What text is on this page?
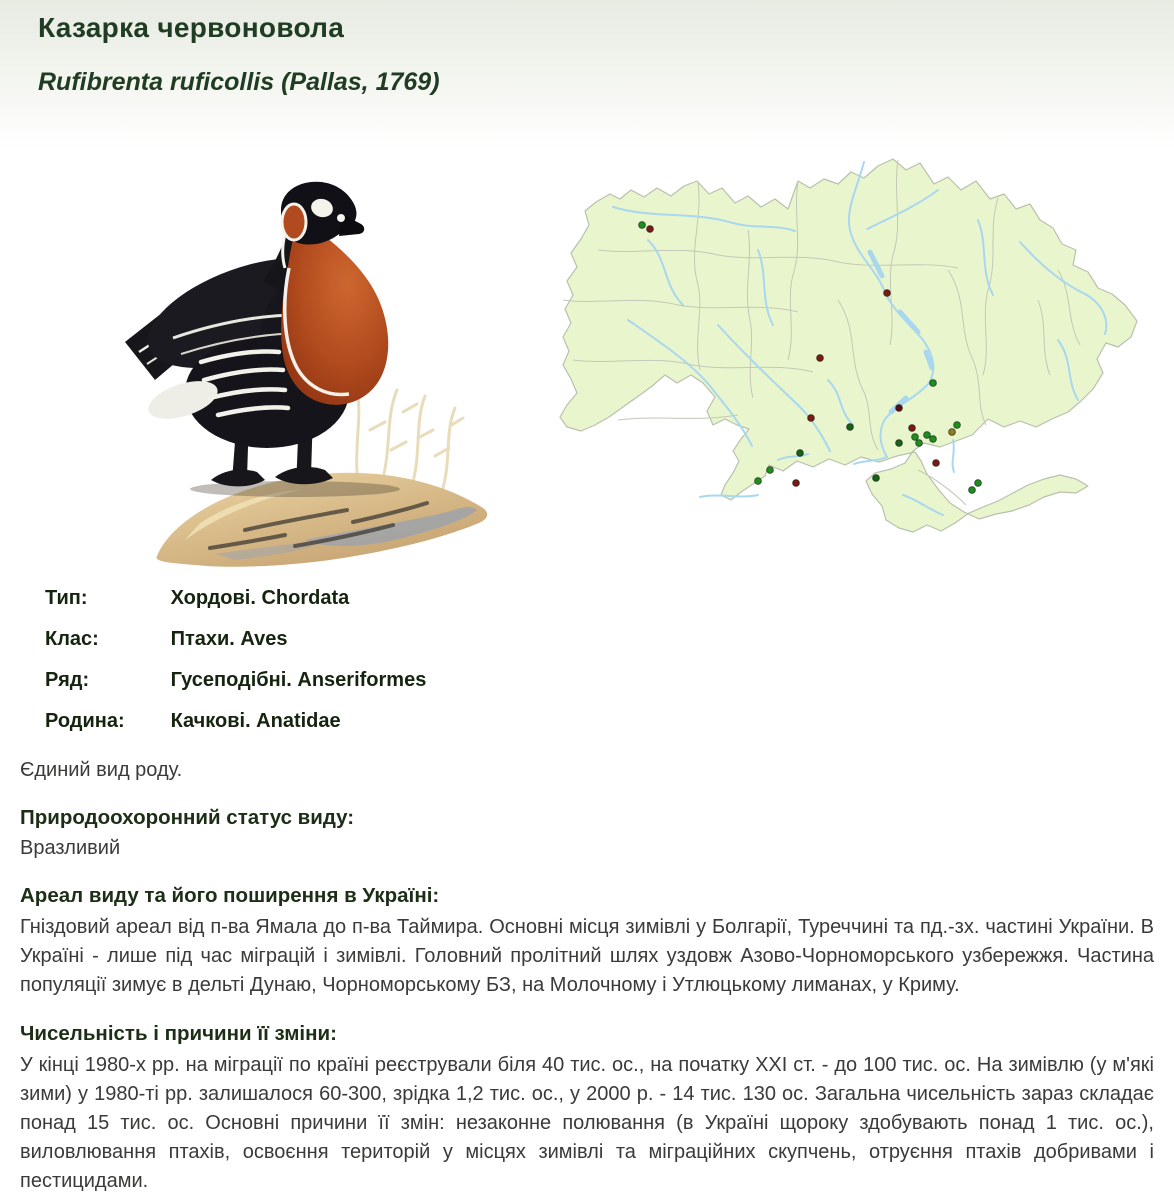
Казарка червоновола
Rufibrenta ruficollis (Pallas, 1769)
Тип:	Хордові. Chordata
Клас:	Птахи. Aves
Ряд:	Гусеподібні. Anseriformes
Родина: Качкові. Anatidae

Єдиний вид роду.

Природоохоронний статус виду:

Вразливий

Ареал виду та його поширення в Україні:

Гніздовий ареал від п-ва Ямала до п-ва Таймира. Основні місця зимівлі у Болгарії, Туреччині та пд.-зх. частині України. В Україні - лише під час міграцій і зимівлі. Головний пролітний шлях уздовж Азово-Чорноморського узбережжя. Частина популяції зимує в дельті Дунаю, Чорноморському БЗ, на Молочному і Утлюцькому лиманах, у Криму.

Чисельність і причини її зміни:

У кінці 1980-х рр. на міграції по країні реєстрували біля 40 тис. ос., на початку XXI ст. - до 100 тис. ос. На зимівлю (у м'які зими) у 1980-ті рр. залишалося 60-300, зрідка 1,2 тис. ос., у 2000 р. - 14 тис. 130 ос. Загальна чисельність зараз складає понад 15 тис. ос. Основні причини її змін: незаконне полювання (в Україні щороку здобувають понад 1 тис. ос.), виловлювання птахів, освоєння територій у місцях зимівлі та міграційних скупчень, отруєння птахів добривами і пестицидами.
